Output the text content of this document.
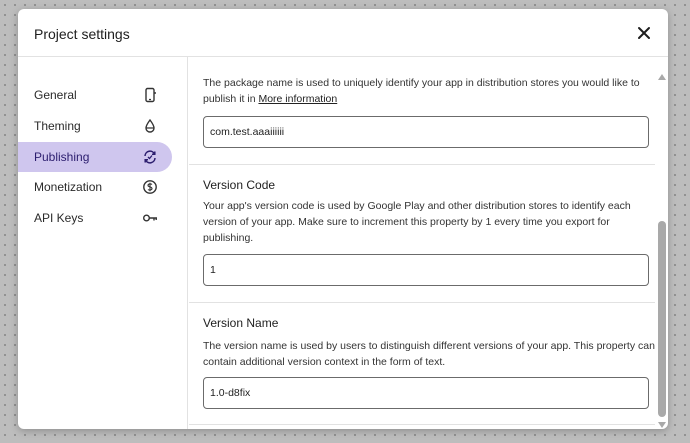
Project settings
General
Theming
Publishing
Monetization
API Keys
The package name is used to uniquely identify your app in distribution stores you would like to publish it in More information
com.test.aaaiiiiii
Version Code
Your app's version code is used by Google Play and other distribution stores to identify each version of your app. Make sure to increment this property by 1 every time you export for publishing.
1
Version Name
The version name is used by users to distinguish different versions of your app. This property can contain additional version context in the form of text.
1.0-d8fix
